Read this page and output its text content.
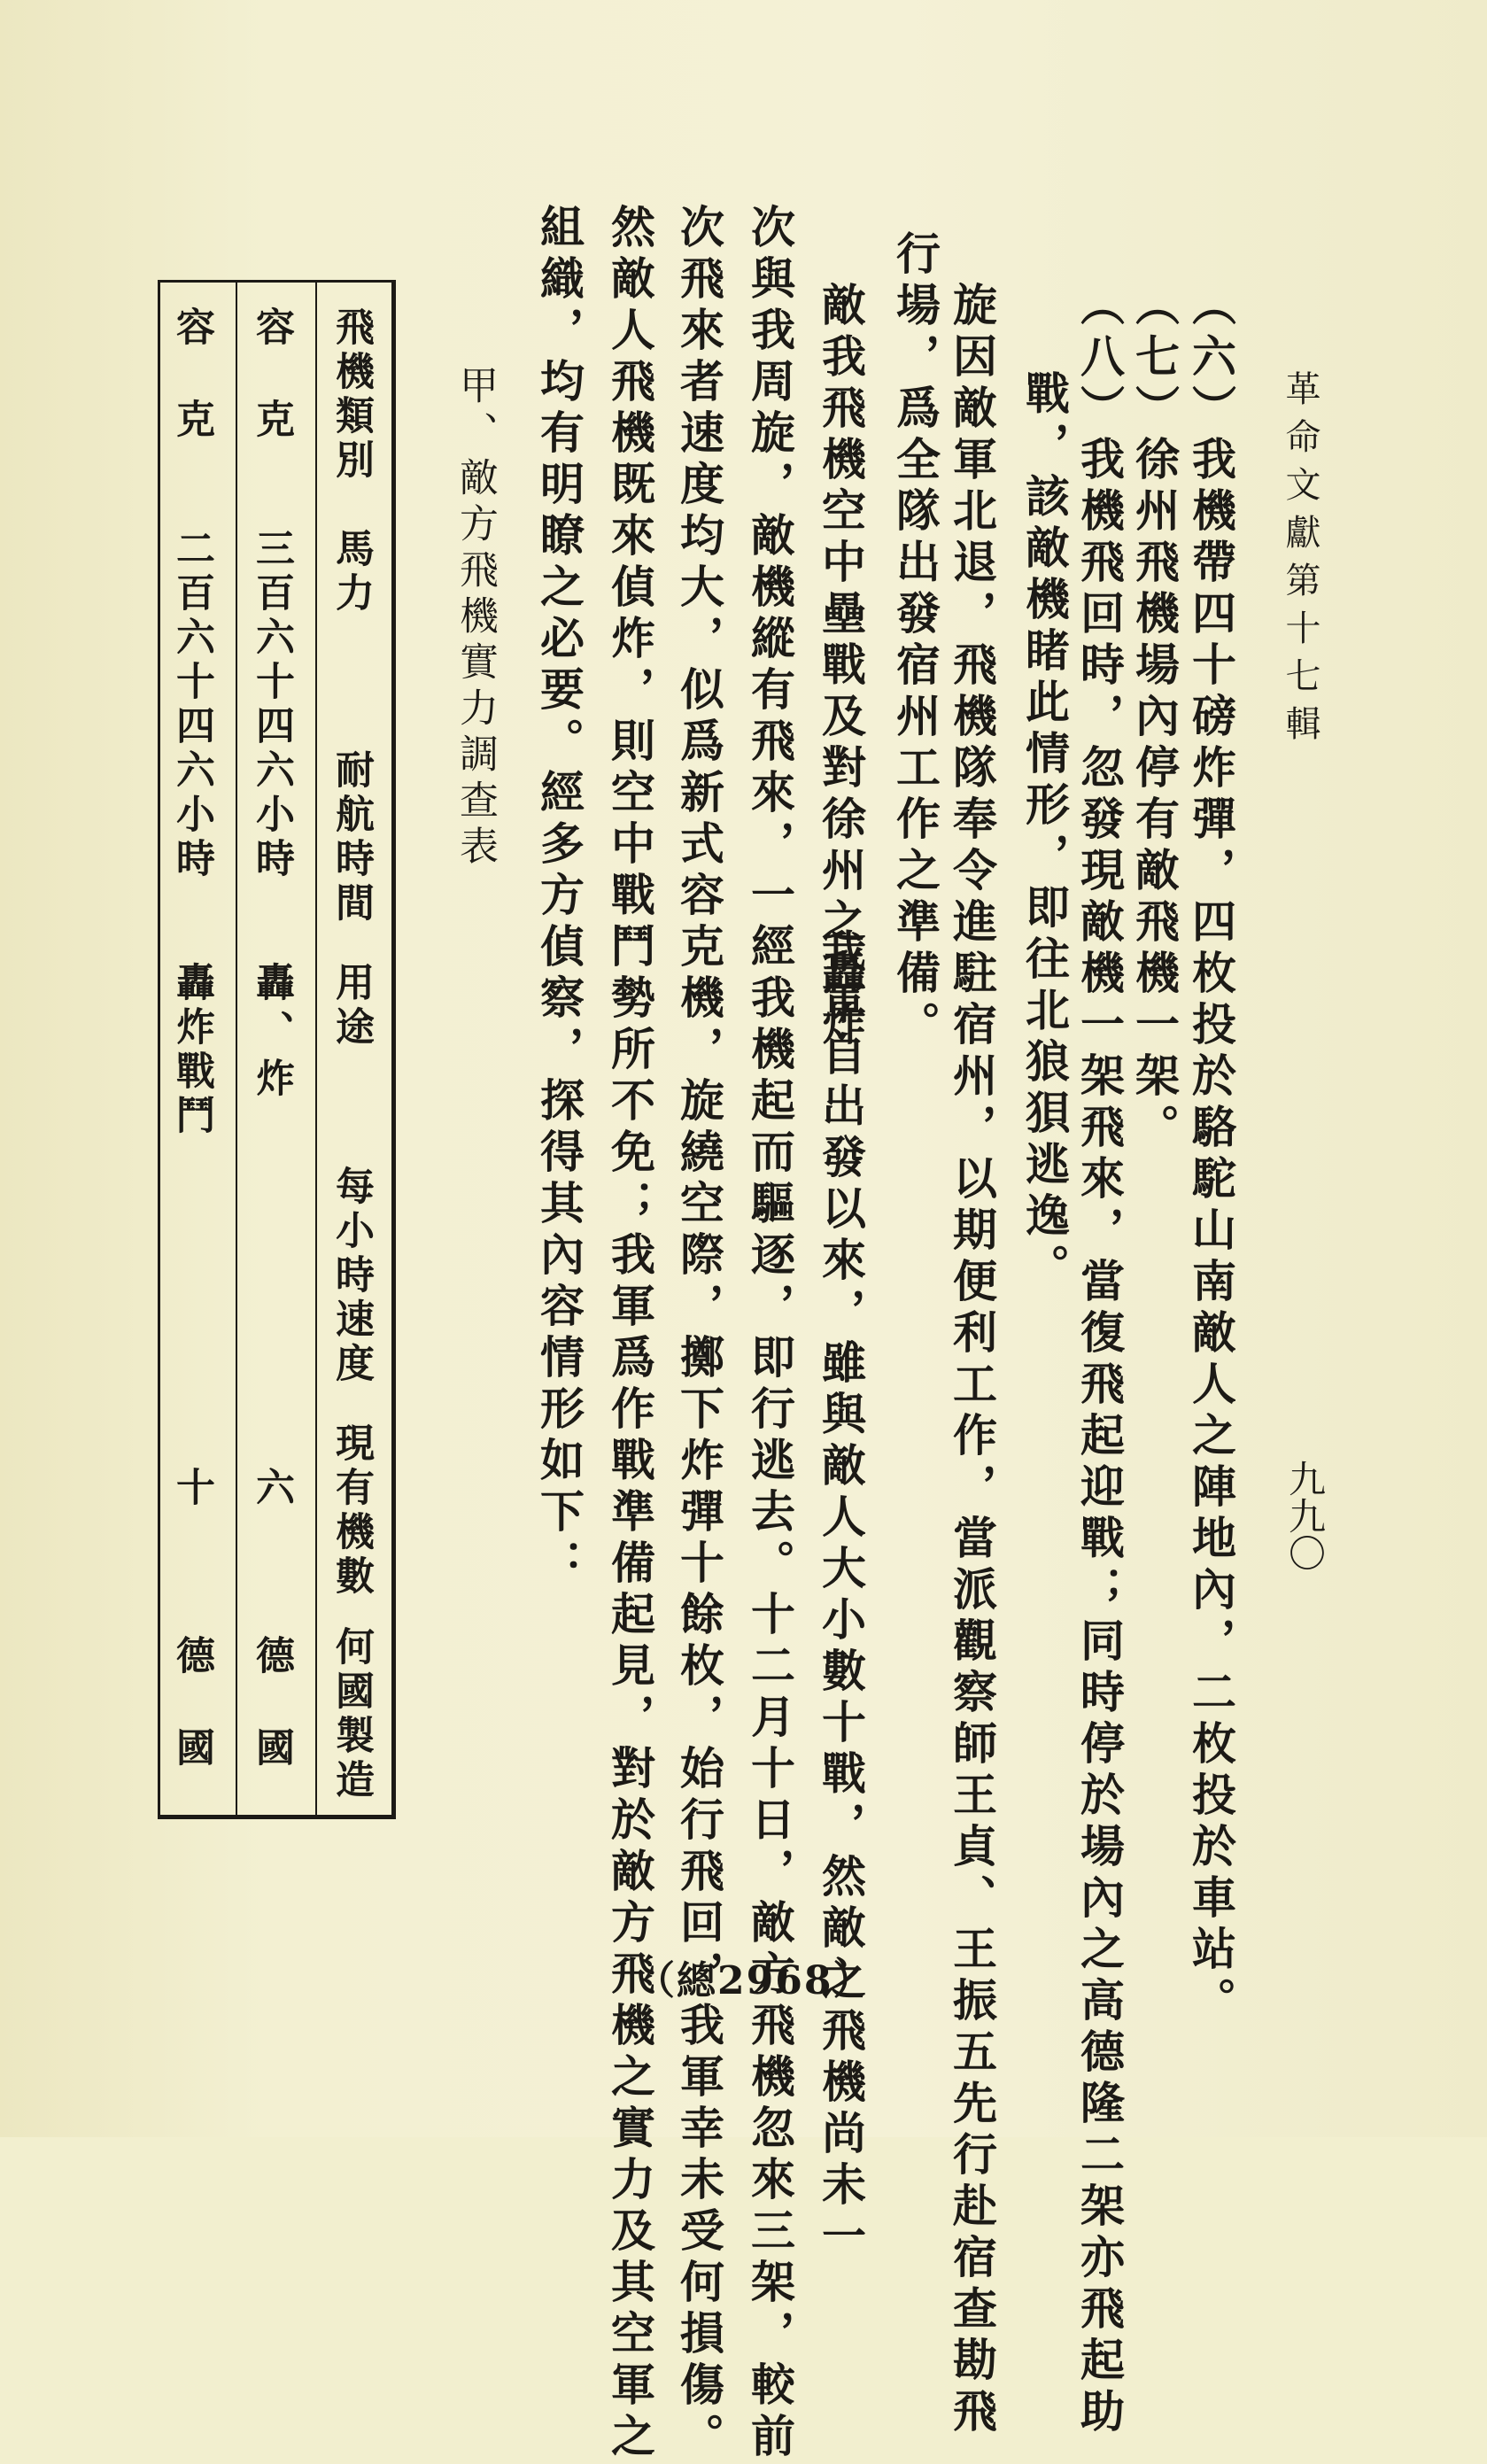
革命文獻第十七輯
九九〇
（六）我機帶四十磅炸彈，四枚投於駱駝山南敵人之陣地內，二枚投於車站。
（七）徐州飛機場內停有敵飛機一架。
（八）我機飛回時，忽發現敵機一架飛來，當復飛起迎戰；同時停於場內之高德隆二架亦飛起助
戰，該敵機睹此情形，即往北狼狽逃逸。
旋因敵軍北退，飛機隊奉令進駐宿州，以期便利工作，當派觀察師王貞、王振五先行赴宿查勘飛
行場，爲全隊出發宿州工作之準備。
敵我飛機空中壘戰及對徐州之轟炸
我軍自出發以來，雖與敵人大小數十戰，然敵之飛機尚未一
次與我周旋，敵機縱有飛來，一經我機起而驅逐，即行逃去。十二月十日，敵方飛機忽來三架，較前
次飛來者速度均大，似爲新式容克機，旋繞空際，擲下炸彈十餘枚，始行飛回，我軍幸未受何損傷。
然敵人飛機既來偵炸，則空中戰鬥勢所不免；我軍爲作戰準備起見，對於敵方飛機之實力及其空軍之
組織，均有明瞭之必要。經多方偵察，探得其內容情形如下：
甲、敵方飛機實力調查表
飛機類別
馬力
耐航時間
用途
每小時速度
現有機數
何國製造
容克
三百六十四
六小時
轟、炸
六
德國
容克
二百六十四
六小時
轟炸戰鬥
十
德國
（總2968）
